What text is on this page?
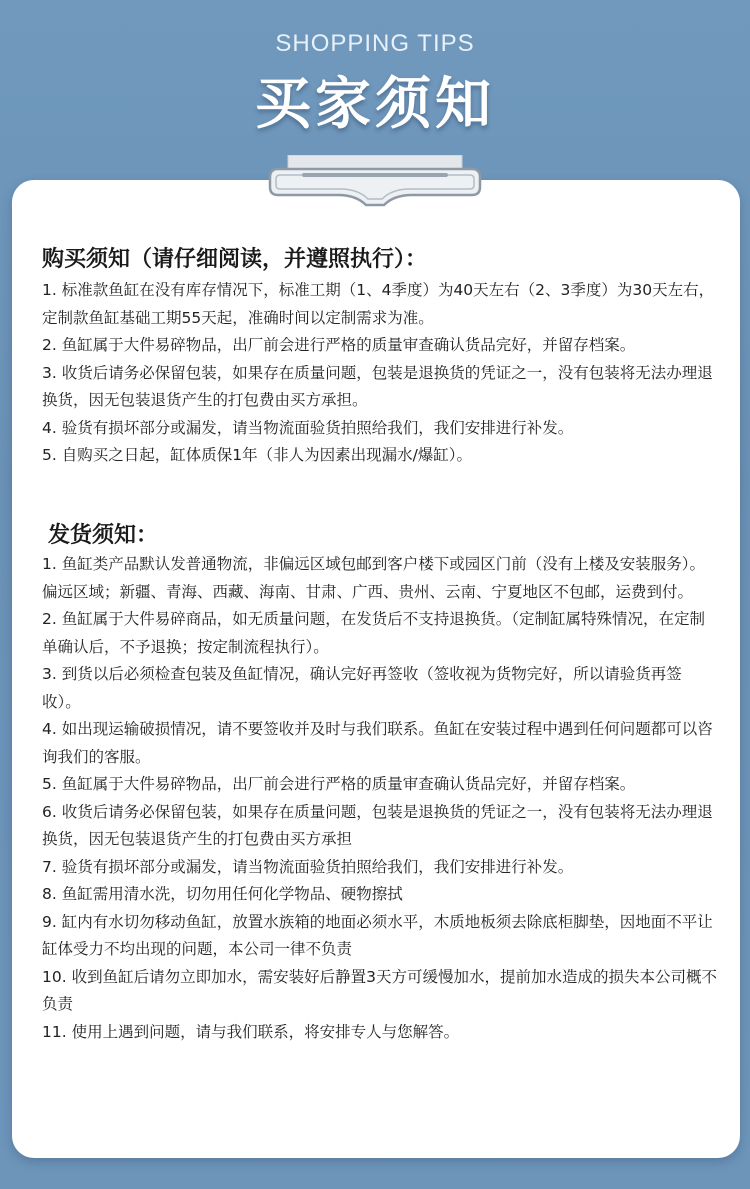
SHOPPING TIPS
买家须知
购买须知（请仔细阅读，并遵照执行）：
1. 标准款鱼缸在没有库存情况下，标准工期（1、4季度）为40天左右（2、3季度）为30天左右，定制款鱼缸基础工期55天起，准确时间以定制需求为准。
2. 鱼缸属于大件易碎物品，出厂前会进行严格的质量审查确认货品完好，并留存档案。
3. 收货后请务必保留包装，如果存在质量问题，包装是退换货的凭证之一，没有包装将无法办理退换货，因无包装退货产生的打包费由买方承担。
4. 验货有损坏部分或漏发，请当物流面验货拍照给我们，我们安排进行补发。
5. 自购买之日起，缸体质保1年（非人为因素出现漏水/爆缸）。
发货须知：
1. 鱼缸类产品默认发普通物流，非偏远区域包邮到客户楼下或园区门前（没有上楼及安装服务）。偏远区域；新疆、青海、西藏、海南、甘肃、广西、贵州、云南、宁夏地区不包邮，运费到付。
2. 鱼缸属于大件易碎商品，如无质量问题，在发货后不支持退换货。（定制缸属特殊情况，在定制单确认后，不予退换；按定制流程执行）。
3. 到货以后必须检查包装及鱼缸情况，确认完好再签收（签收视为货物完好，所以请验货再签收）。
4. 如出现运输破损情况，请不要签收并及时与我们联系。鱼缸在安装过程中遇到任何问题都可以咨询我们的客服。
5. 鱼缸属于大件易碎物品，出厂前会进行严格的质量审查确认货品完好，并留存档案。
6. 收货后请务必保留包装，如果存在质量问题，包装是退换货的凭证之一，没有包装将无法办理退换货，因无包装退货产生的打包费由买方承担
7. 验货有损坏部分或漏发，请当物流面验货拍照给我们，我们安排进行补发。
8. 鱼缸需用清水洗，切勿用任何化学物品、硬物擦拭
9. 缸内有水切勿移动鱼缸，放置水族箱的地面必须水平，木质地板须去除底柜脚垫，因地面不平让缸体受力不均出现的问题，本公司一律不负责
10. 收到鱼缸后请勿立即加水，需安装好后静置3天方可缓慢加水，提前加水造成的损失本公司概不负责
11. 使用上遇到问题，请与我们联系，将安排专人与您解答。
